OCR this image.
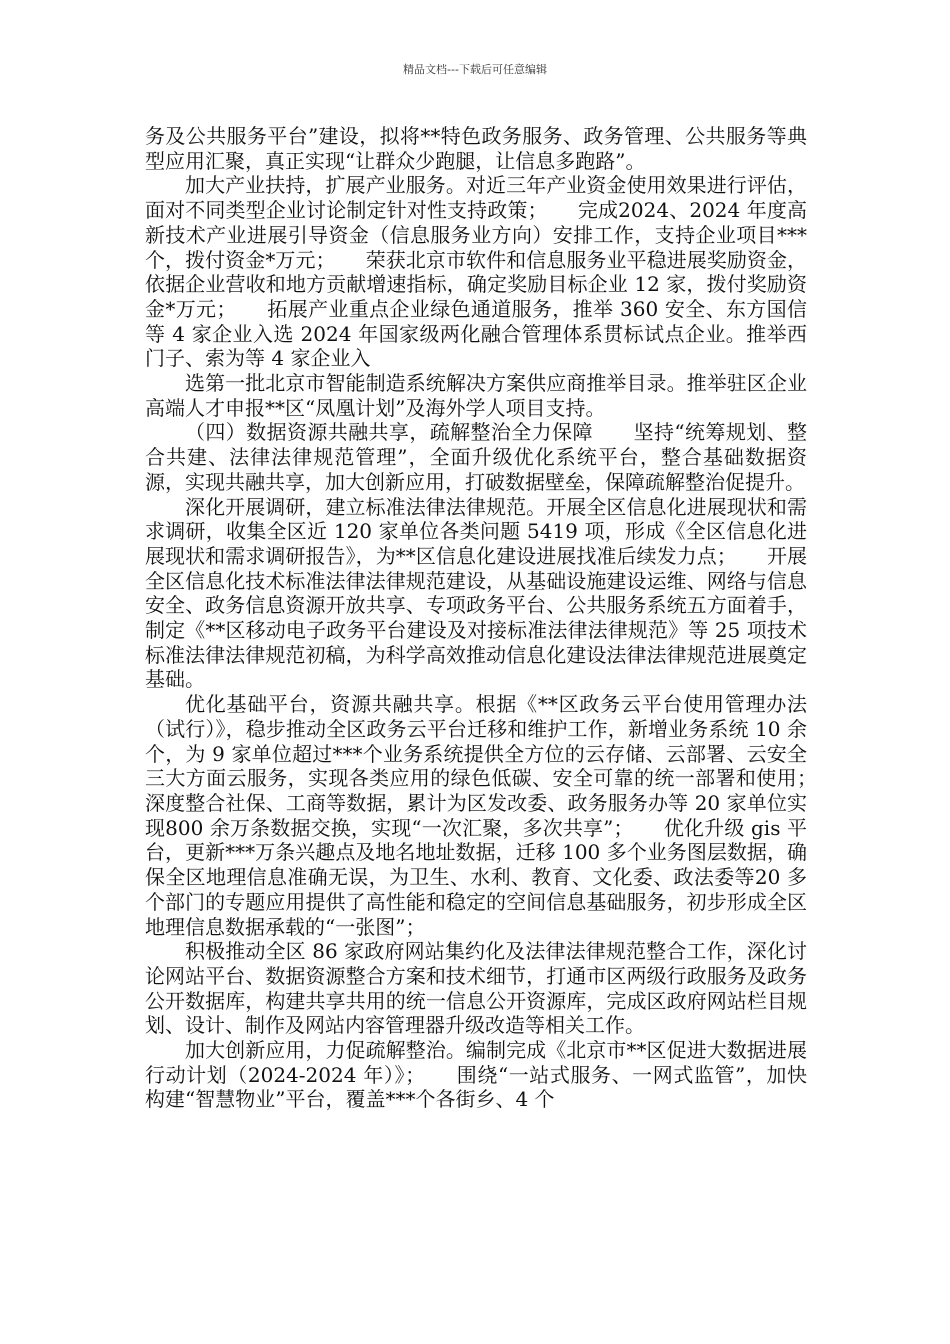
精品文档---下载后可任意编辑

务及公共服务平台”建设，拟将**特色政务服务、政务管理、公共服务等典型应用汇聚，真正实现“让群众少跑腿，让信息多跑路”。

加大产业扶持，扩展产业服务。对近三年产业资金使用效果进行评估，面对不同类型企业讨论制定针对性支持政策；　　完成2024、2024 年度高新技术产业进展引导资金（信息服务业方向）安排工作，支持企业项目***个，拨付资金*万元；　　荣获北京市软件和信息服务业平稳进展奖励资金，依据企业营收和地方贡献增速指标，确定奖励目标企业 12 家，拨付奖励资金*万元；　　拓展产业重点企业绿色通道服务，推举 360 安全、东方国信等 4 家企业入选 2024 年国家级两化融合管理体系贯标试点企业。推举西门子、索为等 4 家企业入

选第一批北京市智能制造系统解决方案供应商推举目录。推举驻区企业高端人才申报**区“凤凰计划”及海外学人项目支持。

（四）数据资源共融共享，疏解整治全力保障　　坚持“统筹规划、整合共建、法律法律规范管理”，全面升级优化系统平台，整合基础数据资源，实现共融共享，加大创新应用，打破数据壁垒，保障疏解整治促提升。

深化开展调研，建立标准法律法律规范。开展全区信息化进展现状和需求调研，收集全区近 120 家单位各类问题 5419 项，形成《全区信息化进展现状和需求调研报告》，为**区信息化建设进展找准后续发力点；　　开展全区信息化技术标准法律法律规范建设，从基础设施建设运维、网络与信息安全、政务信息资源开放共享、专项政务平台、公共服务系统五方面着手，制定《**区移动电子政务平台建设及对接标准法律法律规范》等 25 项技术标准法律法律规范初稿，为科学高效推动信息化建设法律法律规范进展奠定基础。

优化基础平台，资源共融共享。根据《**区政务云平台使用管理办法（试行）》，稳步推动全区政务云平台迁移和维护工作，新增业务系统 10 余个，为 9 家单位超过***个业务系统提供全方位的云存储、云部署、云安全三大方面云服务，实现各类应用的绿色低碳、安全可靠的统一部署和使用；　　深度整合社保、工商等数据，累计为区发改委、政务服务办等 20 家单位实现800 余万条数据交换，实现“一次汇聚，多次共享”；　　优化升级 gis 平台，更新***万条兴趣点及地名地址数据，迁移 100 多个业务图层数据，确保全区地理信息准确无误，为卫生、水利、教育、文化委、政法委等20 多个部门的专题应用提供了高性能和稳定的空间信息基础服务，初步形成全区地理信息数据承载的“一张图”；

积极推动全区 86 家政府网站集约化及法律法律规范整合工作，深化讨论网站平台、数据资源整合方案和技术细节，打通市区两级行政服务及政务公开数据库，构建共享共用的统一信息公开资源库，完成区政府网站栏目规划、设计、制作及网站内容管理器升级改造等相关工作。

加大创新应用，力促疏解整治。编制完成《北京市**区促进大数据进展行动计划（2024-2024 年）》；　　围绕“一站式服务、一网式监管”，加快构建“智慧物业”平台，覆盖***个各街乡、4 个
